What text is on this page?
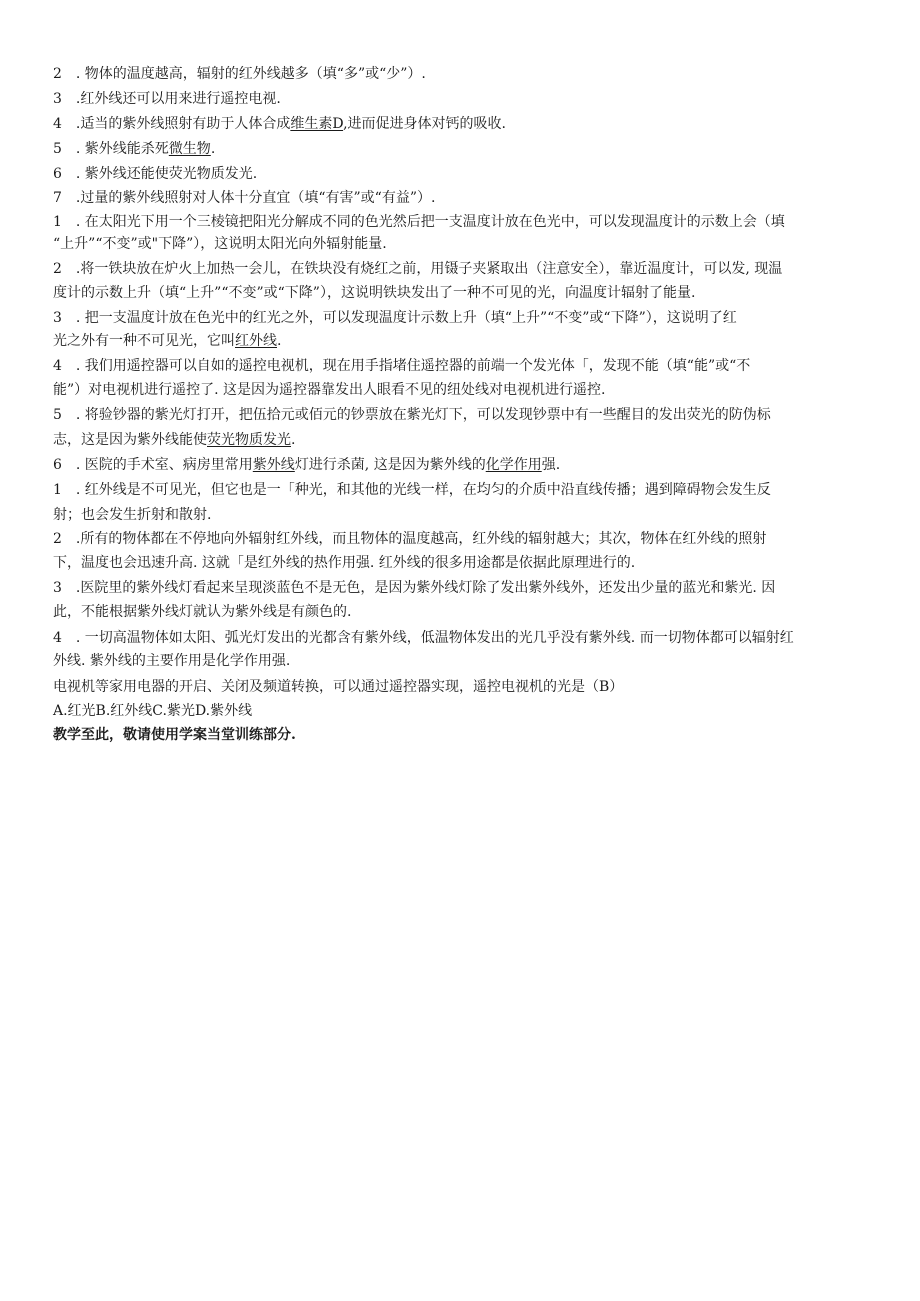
2　. 物体的温度越高，辐射的红外线越多（填“多”或“少”）.
3　.红外线还可以用来进行遥控电视.
4　.适当的紫外线照射有助于人体合成维生素D,进而促进身体对钙的吸收.
5　. 紫外线能杀死微生物.
6　. 紫外线还能使荧光物质发光.
7　.过量的紫外线照射对人体十分直宜（填“有害”或“有益”）.
1　. 在太阳光下用一个三棱镜把阳光分解成不同的色光然后把一支温度计放在色光中，可以发现温度计的示数上会（填
“上升”“不变”或"下降”），这说明太阳光向外辐射能量.
2　.将一铁块放在炉火上加热一会儿，在铁块没有烧红之前，用镊子夹紧取出（注意安全），靠近温度计，可以发, 现温
度计的示数上升（填“上升”“不变”或“下降”），这说明铁块发出了一种不可见的光，向温度计辐射了能量.
3　. 把一支温度计放在色光中的红光之外，可以发现温度计示数上升（填“上升”“不变”或“下降”），这说明了红
光之外有一种不可见光，它叫红外线.
4　. 我们用遥控器可以自如的遥控电视机，现在用手指堵住遥控器的前端一个发光体「，发现不能（填“能”或“不
能”）对电视机进行遥控了. 这是因为遥控器靠发出人眼看不见的纽处线对电视机进行遥控.
5　. 将验钞器的紫光灯打开，把伍拾元或佰元的钞票放在紫光灯下，可以发现钞票中有一些醒目的发出荧光的防伪标
志，这是因为紫外线能使荧光物质发光.
6　. 医院的手术室、病房里常用紫外线灯进行杀菌, 这是因为紫外线的化学作用强.
1　. 红外线是不可见光，但它也是一「种光，和其他的光线一样，在均匀的介质中沿直线传播；遇到障碍物会发生反
射；也会发生折射和散射.
2　.所有的物体都在不停地向外辐射红外线，而且物体的温度越高，红外线的辐射越大；其次，物体在红外线的照射
下，温度也会迅速升高. 这就「是红外线的热作用强. 红外线的很多用途都是依据此原理进行的.
3　.医院里的紫外线灯看起来呈现淡蓝色不是无色，是因为紫外线灯除了发出紫外线外，还发出少量的蓝光和紫光. 因
此，不能根据紫外线灯就认为紫外线是有颜色的.
4　. 一切高温物体如太阳、弧光灯发出的光都含有紫外线，低温物体发出的光几乎没有紫外线. 而一切物体都可以辐射红
外线. 紫外线的主要作用是化学作用强.
电视机等家用电器的开启、关闭及频道转换，可以通过遥控器实现，遥控电视机的光是（B）
A.红光B.红外线C.紫光D.紫外线
教学至此，敬请使用学案当堂训练部分.
